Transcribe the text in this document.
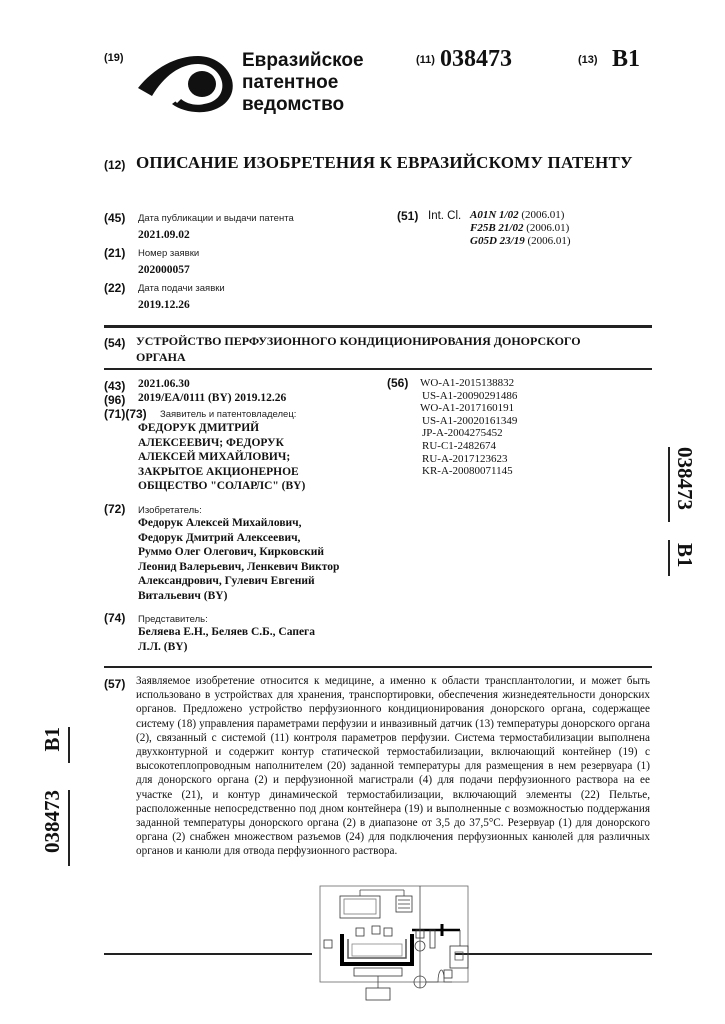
(19)	Евразийское
патентное
ведомство
(11) 038473	(13) B1
(12) ОПИСАНИЕ ИЗОБРЕТЕНИЯ К ЕВРАЗИЙСКОМУ ПАТЕНТУ
(45) Дата публикации и выдачи патента
2021.09.02
(21) Номер заявки
202000057
(22) Дата подачи заявки
2019.12.26
(51) Int. Cl. A01N 1/02 (2006.01)
F25B 21/02 (2006.01)
G05D 23/19 (2006.01)
(54) УСТРОЙСТВО ПЕРФУЗИОННОГО КОНДИЦИОНИРОВАНИЯ ДОНОРСКОГО
ОРГАНА
(43) 2021.06.30
(96) 2019/EA/0111 (BY) 2019.12.26
(71)(73) Заявитель и патентовладелец:
ФЕДОРУК ДМИТРИЙ
АЛЕКСЕЕВИЧ; ФЕДОРУК
АЛЕКСЕЙ МИХАЙЛОВИЧ;
ЗАКРЫТОЕ АКЦИОНЕРНОЕ
ОБЩЕСТВО "СОЛАРЛС" (BY)
(56) WO-A1-2015138832
US-A1-20090291486
WO-A1-2017160191
US-A1-20020161349
JP-A-2004275452
RU-C1-2482674
RU-A-2017123623
KR-A-20080071145
(72) Изобретатель:
Федорук Алексей Михайлович,
Федорук Дмитрий Алексеевич,
Руммо Олег Олегович, Кирковский
Леонид Валерьевич, Ленкевич Виктор
Александрович, Гулевич Евгений
Витальевич (BY)
(74) Представитель:
Беляева Е.Н., Беляев С.Б., Сапега
Л.Л. (BY)
(57) Заявляемое изобретение относится к медицине, а именно к области трансплантологии, и может быть использовано в устройствах для хранения, транспортировки, обеспечения жизнедеятельности донорских органов. Предложено устройство перфузионного кондиционирования донорского органа, содержащее систему (18) управления параметрами перфузии и инвазивный датчик (13) температуры донорского органа (2), связанный с системой (11) контроля параметров перфузии. Система термостабилизации выполнена двухконтурной и содержит контур статической термостабилизации, включающий контейнер (19) с высокотеплопроводным наполнителем (20) заданной температуры для размещения в нем резервуара (1) для донорского органа (2) и перфузионной магистрали (4) для подачи перфузионного раствора на ее участке (21), и контур динамической термостабилизации, включающий элементы (22) Пельтье, расположенные непосредственно под дном контейнера (19) и выполненные с возможностью поддержания заданной температуры донорского органа (2) в диапазоне от 3,5 до 37,5°C. Резервуар (1) для донорского органа (2) снабжен множеством разъемов (24) для подключения перфузионных канюлей для различных органов и канюли для отвода перфузионного раствора.
038473
B1
B1
038473
